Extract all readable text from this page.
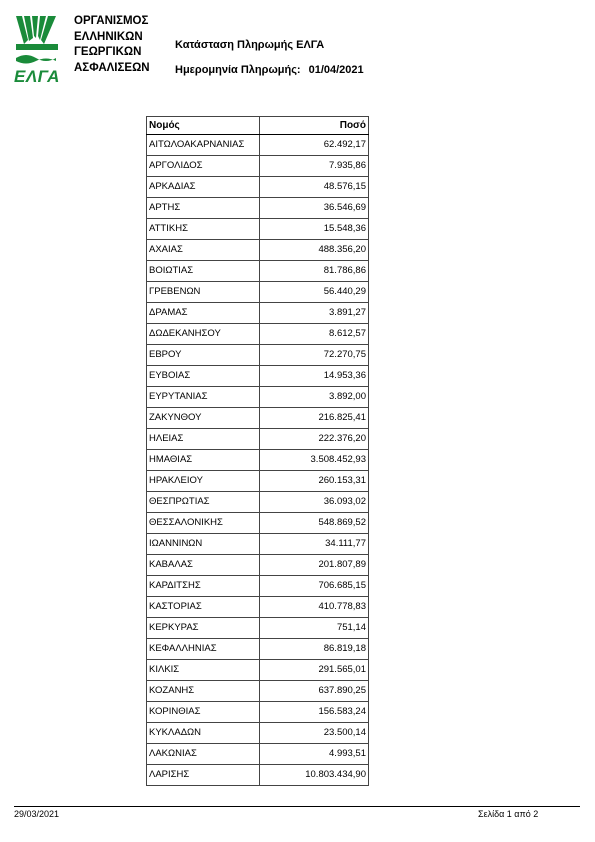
ΕΛΓΑ
ΟΡΓΑΝΙΣΜΟΣ
ΕΛΛΗΝΙΚΩΝ
ΓΕΩΡΓΙΚΩΝ
ΑΣΦΑΛΙΣΕΩΝ
Κατάσταση Πληρωμής ΕΛΓΑ
Ημερομηνία Πληρωμής: 01/04/2021
Νομός	Ποσό
ΑΙΤΩΛΟΑΚΑΡΝΑΝΙΑΣ	62.492,17
ΑΡΓΟΛΙΔΟΣ	7.935,86
ΑΡΚΑΔΙΑΣ	48.576,15
ΑΡΤΗΣ	36.546,69
ΑΤΤΙΚΗΣ	15.548,36
ΑΧΑΙΑΣ	488.356,20
ΒΟΙΩΤΙΑΣ	81.786,86
ΓΡΕΒΕΝΩΝ	56.440,29
ΔΡΑΜΑΣ	3.891,27
ΔΩΔΕΚΑΝΗΣΟΥ	8.612,57
ΕΒΡΟΥ	72.270,75
ΕΥΒΟΙΑΣ	14.953,36
ΕΥΡΥΤΑΝΙΑΣ	3.892,00
ΖΑΚΥΝΘΟΥ	216.825,41
ΗΛΕΙΑΣ	222.376,20
ΗΜΑΘΙΑΣ	3.508.452,93
ΗΡΑΚΛΕΙΟΥ	260.153,31
ΘΕΣΠΡΩΤΙΑΣ	36.093,02
ΘΕΣΣΑΛΟΝΙΚΗΣ	548.869,52
ΙΩΑΝΝΙΝΩΝ	34.111,77
ΚΑΒΑΛΑΣ	201.807,89
ΚΑΡΔΙΤΣΗΣ	706.685,15
ΚΑΣΤΟΡΙΑΣ	410.778,83
ΚΕΡΚΥΡΑΣ	751,14
ΚΕΦΑΛΛΗΝΙΑΣ	86.819,18
ΚΙΛΚΙΣ	291.565,01
ΚΟΖΑΝΗΣ	637.890,25
ΚΟΡΙΝΘΙΑΣ	156.583,24
ΚΥΚΛΑΔΩΝ	23.500,14
ΛΑΚΩΝΙΑΣ	4.993,51
ΛΑΡΙΣΗΣ	10.803.434,90
29/03/2021	Σελίδα 1 από 2
